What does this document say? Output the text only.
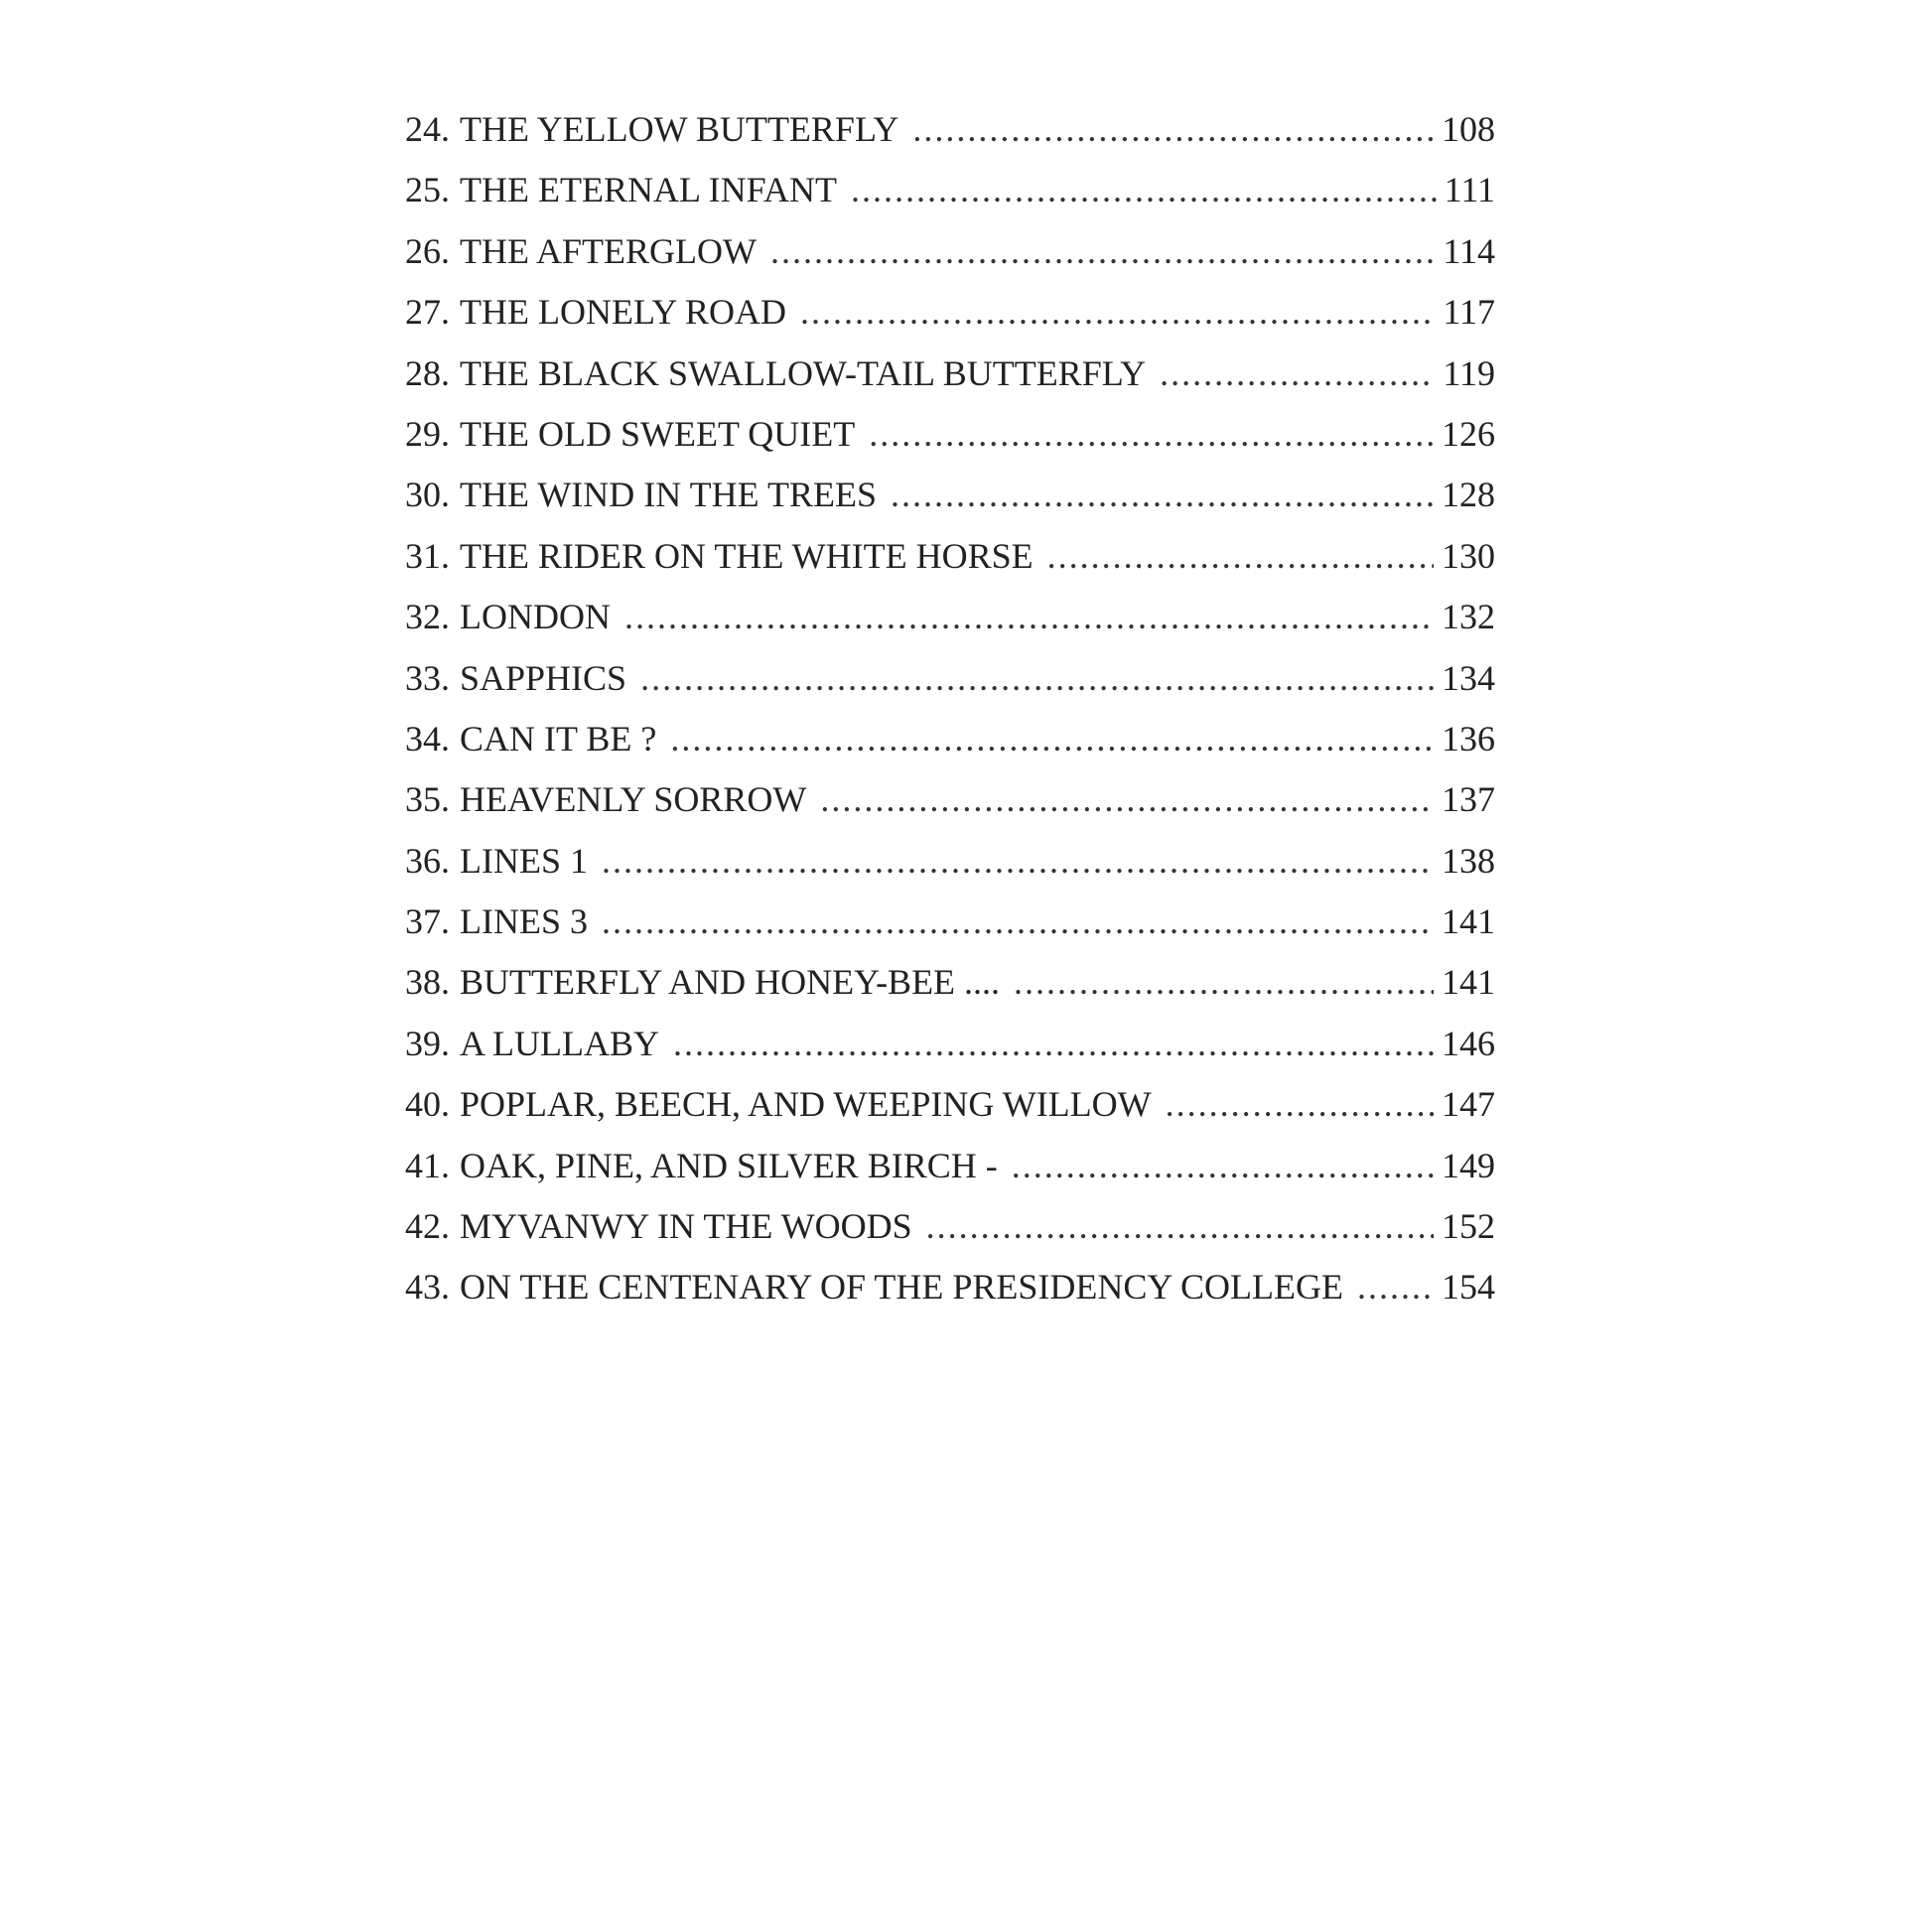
24. THE YELLOW BUTTERFLY .....	108
25. THE ETERNAL INFANT .....	111
26. THE AFTERGLOW .....	114
27. THE LONELY ROAD .....	117
28. THE BLACK SWALLOW-TAIL BUTTERFLY .....	119
29. THE OLD SWEET QUIET .....	126
30. THE WIND IN THE TREES .....	128
31. THE RIDER ON THE WHITE HORSE .....	130
32. LONDON .....	132
33. SAPPHICS .....	134
34. CAN IT BE ? .....	136
35. HEAVENLY SORROW .....	137
36. LINES 1 .....	138
37. LINES 3 .....	141
38. BUTTERFLY AND HONEY-BEE .... .....	141
39. A LULLABY .....	146
40. POPLAR, BEECH, AND WEEPING WILLOW .....	147
41. OAK, PINE, AND SILVER BIRCH - .....	149
42. MYVANWY IN THE WOODS .....	152
43. ON THE CENTENARY OF THE PRESIDENCY COLLEGE .....	154
